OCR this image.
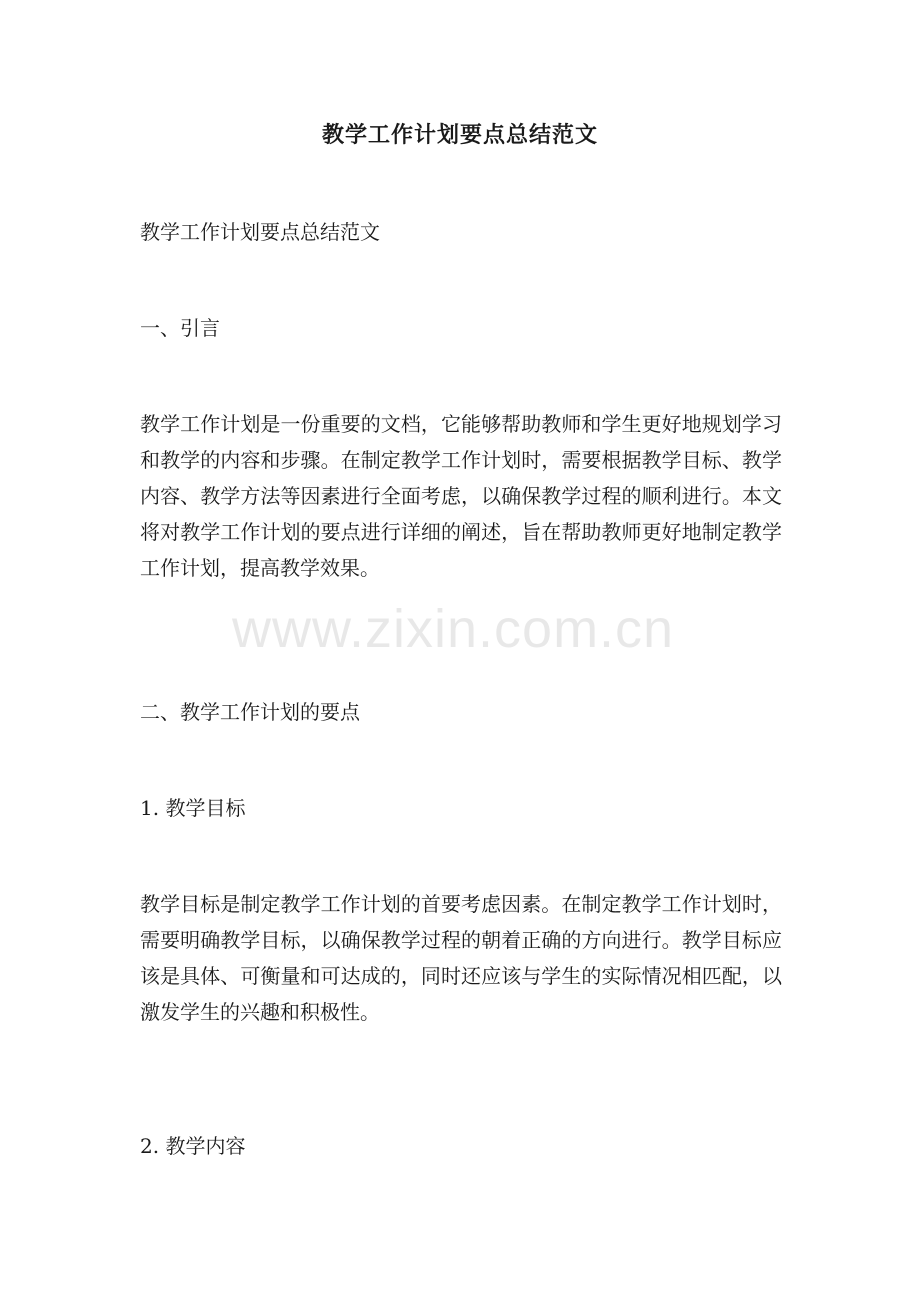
教学工作计划要点总结范文
教学工作计划要点总结范文
一、引言
教学工作计划是一份重要的文档，它能够帮助教师和学生更好地规划学习和教学的内容和步骤。在制定教学工作计划时，需要根据教学目标、教学内容、教学方法等因素进行全面考虑，以确保教学过程的顺利进行。本文将对教学工作计划的要点进行详细的阐述，旨在帮助教师更好地制定教学工作计划，提高教学效果。
二、教学工作计划的要点
1. 教学目标
教学目标是制定教学工作计划的首要考虑因素。在制定教学工作计划时，需要明确教学目标，以确保教学过程的朝着正确的方向进行。教学目标应该是具体、可衡量和可达成的，同时还应该与学生的实际情况相匹配，以激发学生的兴趣和积极性。
2. 教学内容
www.zixin.com.cn
